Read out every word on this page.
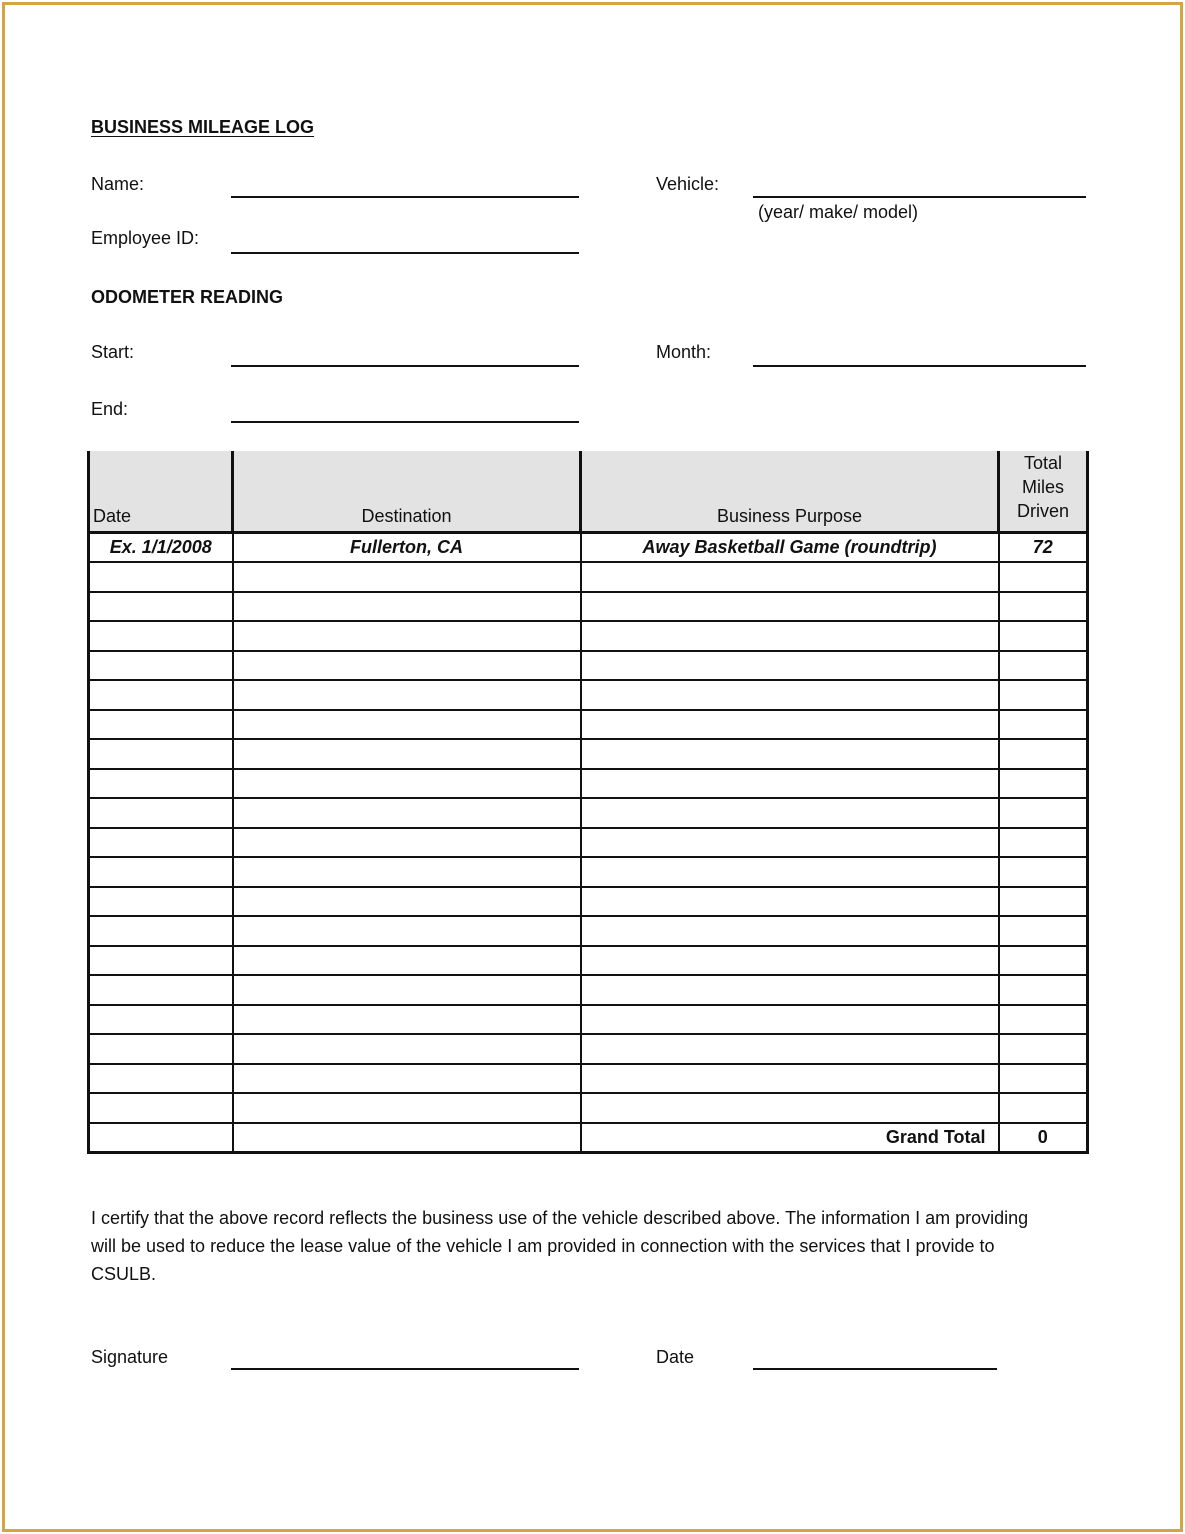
BUSINESS MILEAGE LOG
Name:	Vehicle:
(year/ make/ model)
Employee ID:
ODOMETER READING
Start:	Month:
End:
Date	Destination	Business Purpose	Total
Miles
Driven

Ex. 1/1/2008	Fullerton, CA	Away Basketball Game (roundtrip)	72

		Grand Total	0
I certify that the above record reflects the business use of the vehicle described above. The information I am providing will be used to reduce the lease value of the vehicle I am provided in connection with the services that I provide to CSULB.
Signature	Date
